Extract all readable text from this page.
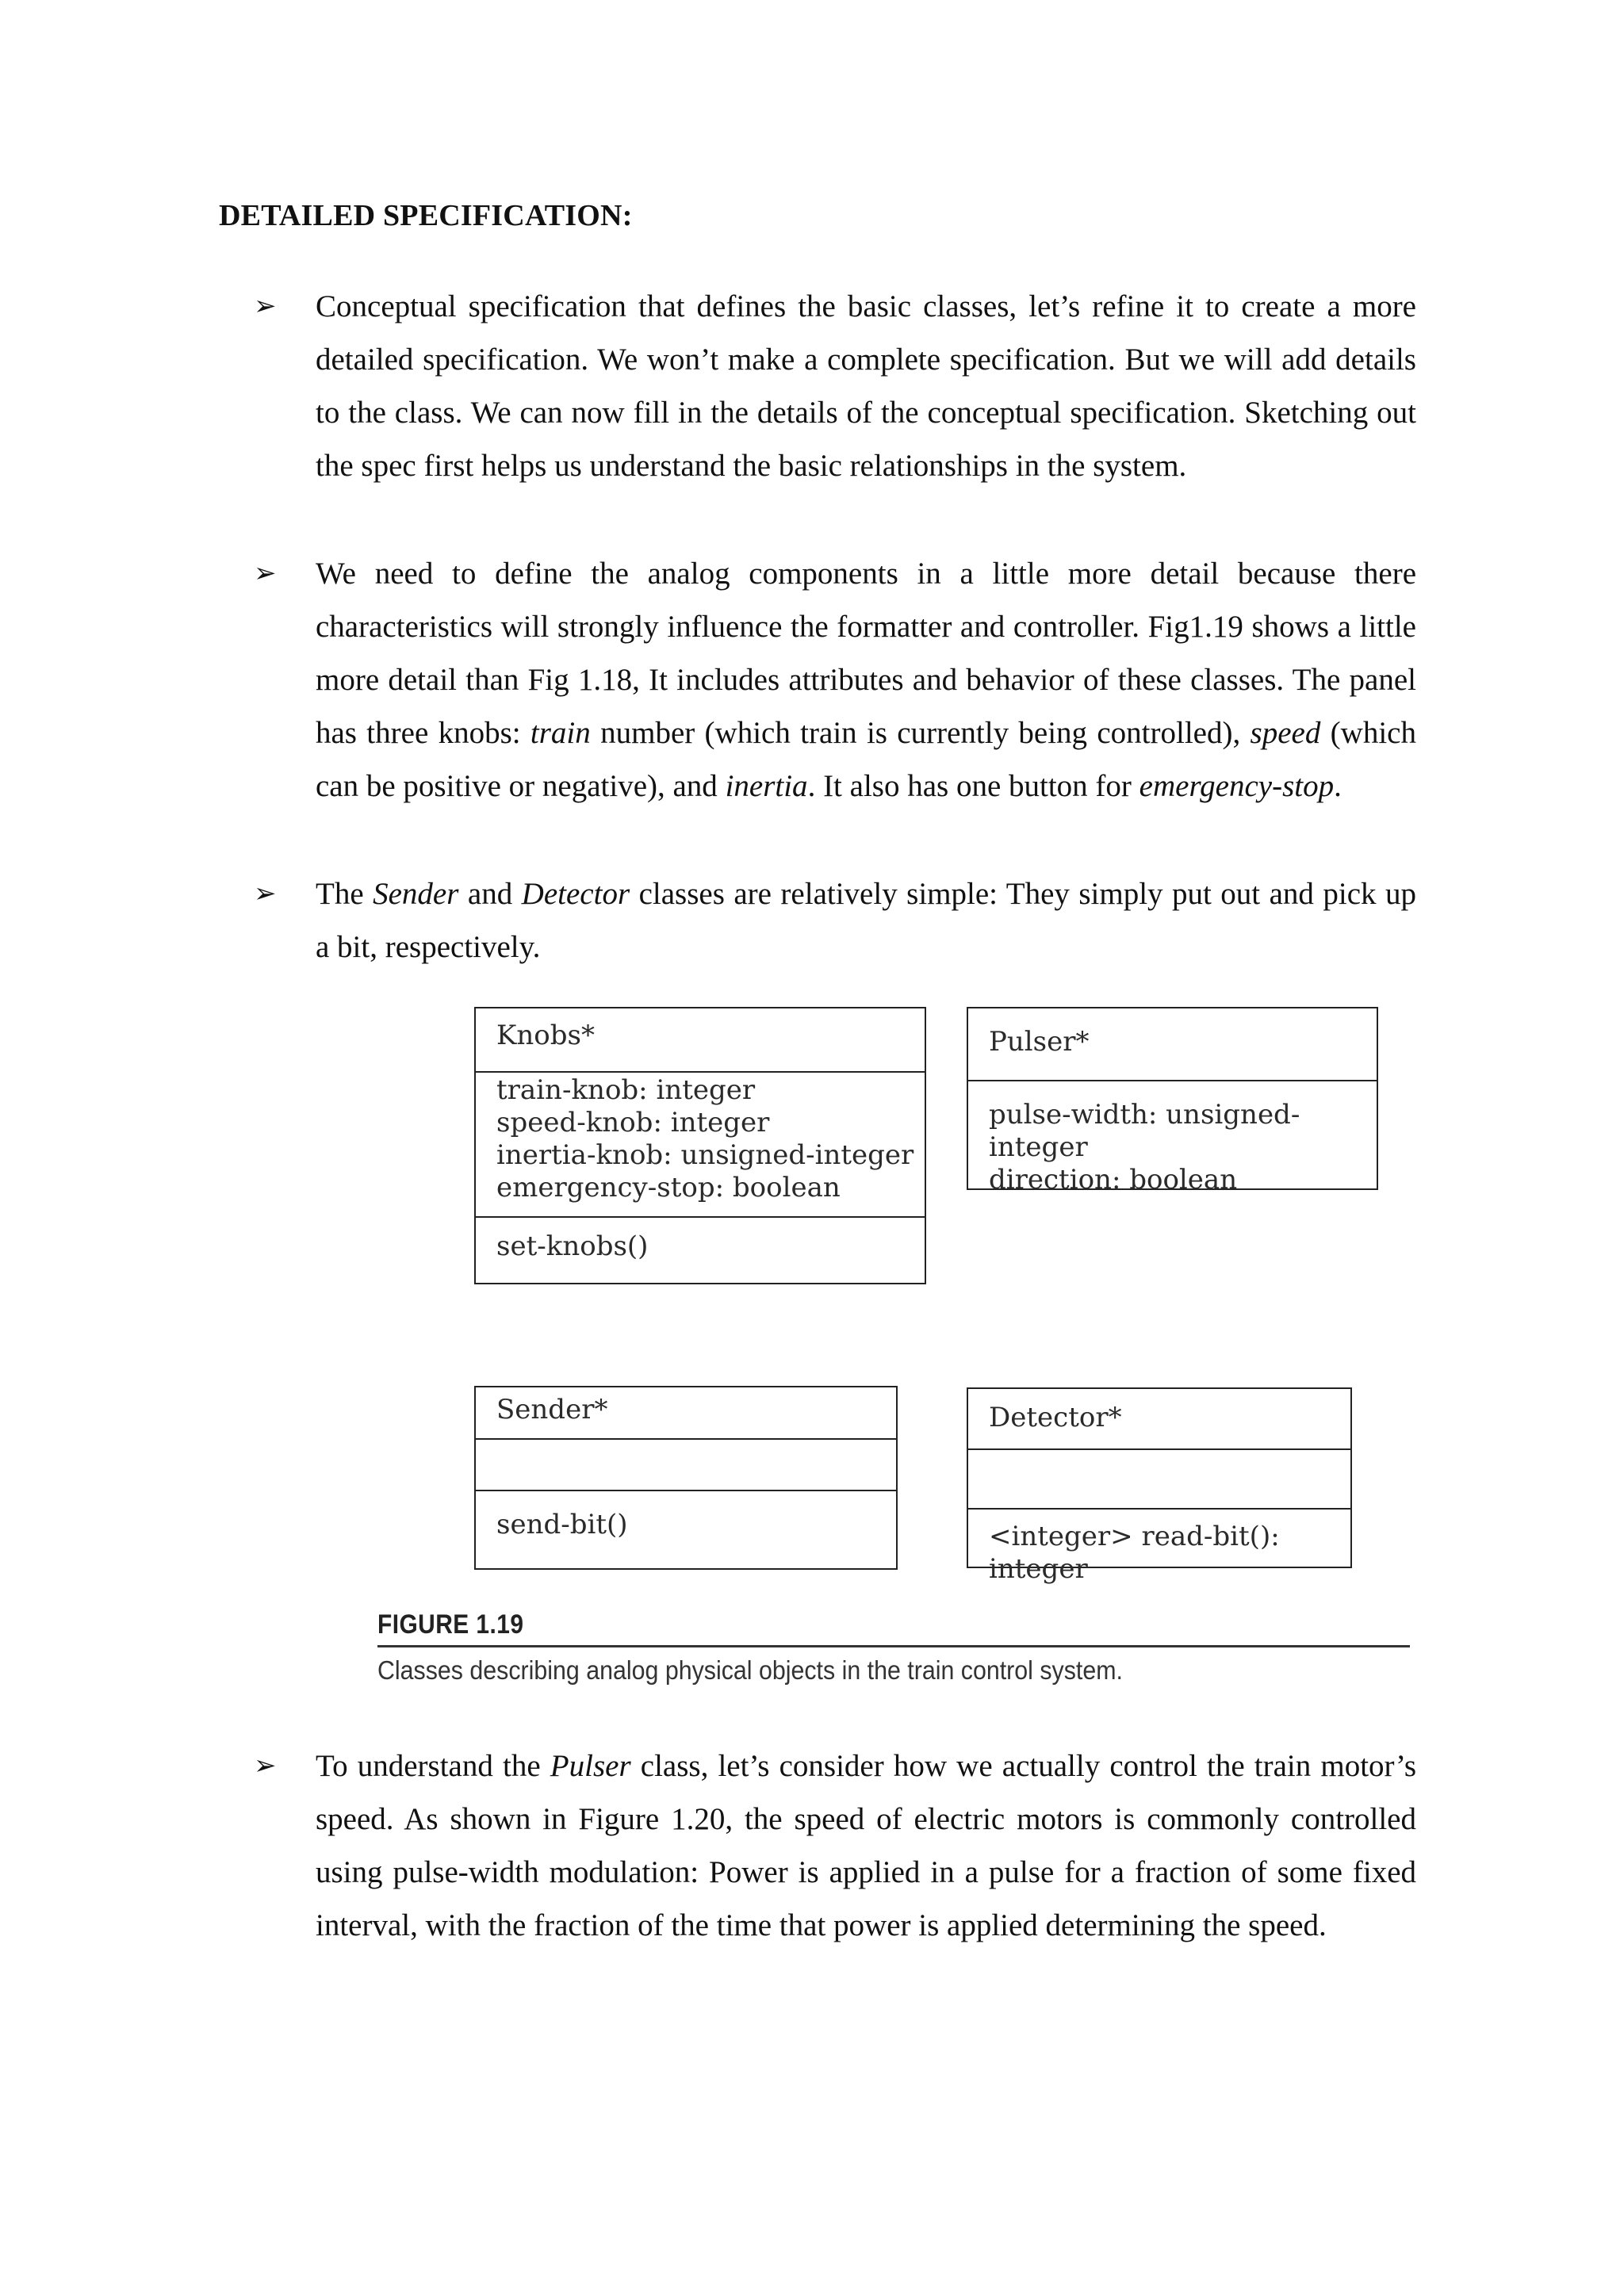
DETAILED SPECIFICATION:
➢ Conceptual specification that defines the basic classes, let’s refine it to create a more detailed specification. We won’t make a complete specification. But we will add details to the class. We can now fill in the details of the conceptual specification. Sketching out the spec first helps us understand the basic relationships in the system.
➢ We need to define the analog components in a little more detail because there characteristics will strongly influence the formatter and controller. Fig1.19 shows a little more detail than Fig 1.18, It includes attributes and behavior of these classes. The panel has three knobs: train number (which train is currently being controlled), speed (which can be positive or negative), and inertia. It also has one button for emergency-stop.
➢ The Sender and Detector classes are relatively simple: They simply put out and pick up a bit, respectively.
Knobs*
train-knob: integer
speed-knob: integer
inertia-knob: unsigned-integer
emergency-stop: boolean
set-knobs()
Pulser*
pulse-width: unsigned-integer
direction: boolean
Sender*
send-bit()
Detector*
<integer> read-bit(): integer
FIGURE 1.19
Classes describing analog physical objects in the train control system.
➢ To understand the Pulser class, let’s consider how we actually control the train motor’s speed. As shown in Figure 1.20, the speed of electric motors is commonly controlled using pulse-width modulation: Power is applied in a pulse for a fraction of some fixed interval, with the fraction of the time that power is applied determining the speed.
